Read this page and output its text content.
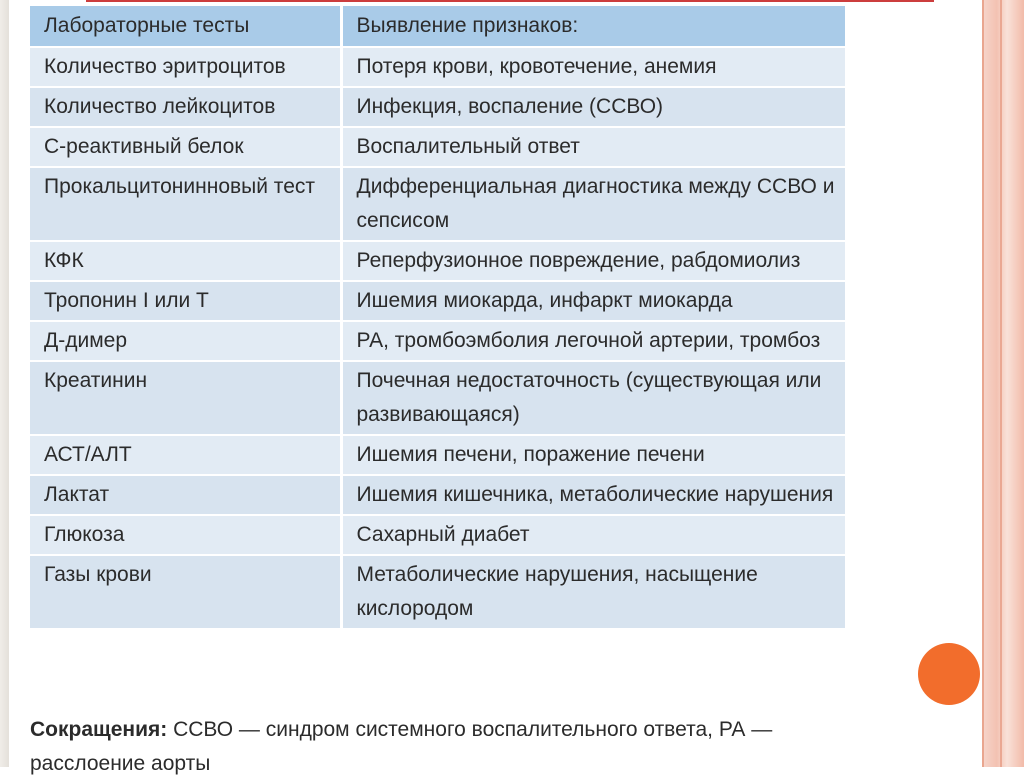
Лабораторные тесты	Выявление признаков:
Количество эритроцитов	Потеря крови, кровотечение, анемия
Количество лейкоцитов	Инфекция, воспаление (ССВО)
С-реактивный белок	Воспалительный ответ
Прокальцитонинновый тест	Дифференциальная диагностика между ССВО и сепсисом
КФК	Реперфузионное повреждение, рабдомиолиз
Тропонин I или Т	Ишемия миокарда, инфаркт миокарда
Д-димер	РА, тромбоэмболия легочной артерии, тромбоз
Креатинин	Почечная недостаточность (существующая или развивающаяся)
АСТ/АЛТ	Ишемия печени, поражение печени
Лактат	Ишемия кишечника, метаболические нарушения
Глюкоза	Сахарный диабет
Газы крови	Метаболические нарушения, насыщение кислородом
Сокращения: ССВО — синдром системного воспалительного ответа, РА — расслоение аорты
